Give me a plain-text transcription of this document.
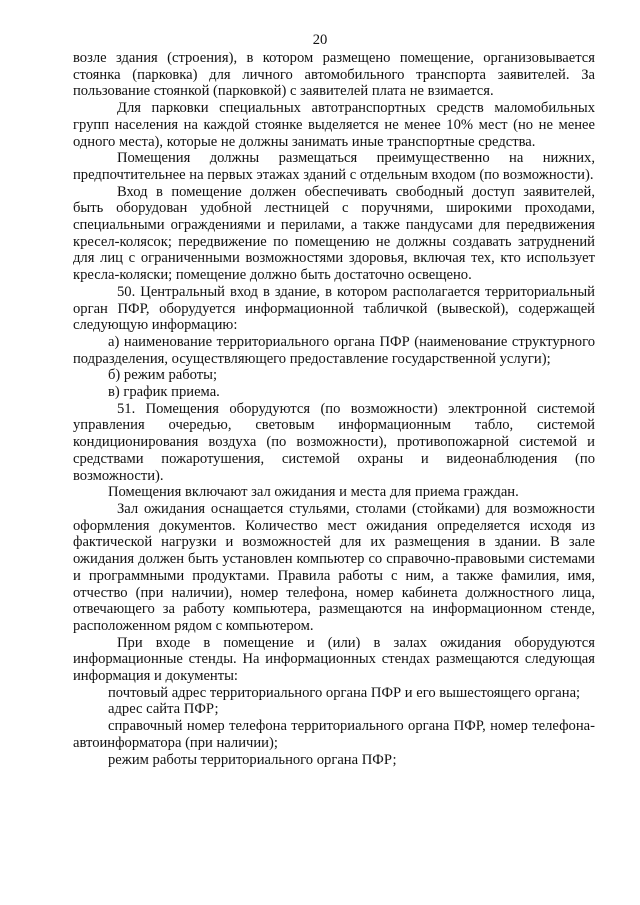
20

возле здания (строения), в котором размещено помещение, организовывается стоянка (парковка) для личного автомобильного транспорта заявителей. За пользование стоянкой (парковкой) с заявителей плата не взимается.

Для парковки специальных автотранспортных средств маломобильных групп населения на каждой стоянке выделяется не менее 10% мест (но не менее одного места), которые не должны занимать иные транспортные средства.

Помещения должны размещаться преимущественно на нижних, предпочтительнее на первых этажах зданий с отдельным входом (по возможности).

Вход в помещение должен обеспечивать свободный доступ заявителей, быть оборудован удобной лестницей с поручнями, широкими проходами, специальными ограждениями и перилами, а также пандусами для передвижения кресел-колясок; передвижение по помещению не должны создавать затруднений для лиц с ограниченными возможностями здоровья, включая тех, кто использует кресла-коляски; помещение должно быть достаточно освещено.

50. Центральный вход в здание, в котором располагается территориальный орган ПФР, оборудуется информационной табличкой (вывеской), содержащей следующую информацию:

а) наименование территориального органа ПФР (наименование структурного подразделения, осуществляющего предоставление государственной услуги);

б) режим работы;

в) график приема.

51. Помещения оборудуются (по возможности) электронной системой управления очередью, световым информационным табло, системой кондиционирования воздуха (по возможности), противопожарной системой и средствами пожаротушения, системой охраны и видеонаблюдения (по возможности).

Помещения включают зал ожидания и места для приема граждан.

Зал ожидания оснащается стульями, столами (стойками) для возможности оформления документов. Количество мест ожидания определяется исходя из фактической нагрузки и возможностей для их размещения в здании. В зале ожидания должен быть установлен компьютер со справочно-правовыми системами и программными продуктами. Правила работы с ним, а также фамилия, имя, отчество (при наличии), номер телефона, номер кабинета должностного лица, отвечающего за работу компьютера, размещаются на информационном стенде, расположенном рядом с компьютером.

При входе в помещение и (или) в залах ожидания оборудуются информационные стенды. На информационных стендах размещаются следующая информация и документы:

почтовый адрес территориального органа ПФР и его вышестоящего органа;

адрес сайта ПФР;

справочный номер телефона территориального органа ПФР, номер телефона-автоинформатора (при наличии);

режим работы территориального органа ПФР;
